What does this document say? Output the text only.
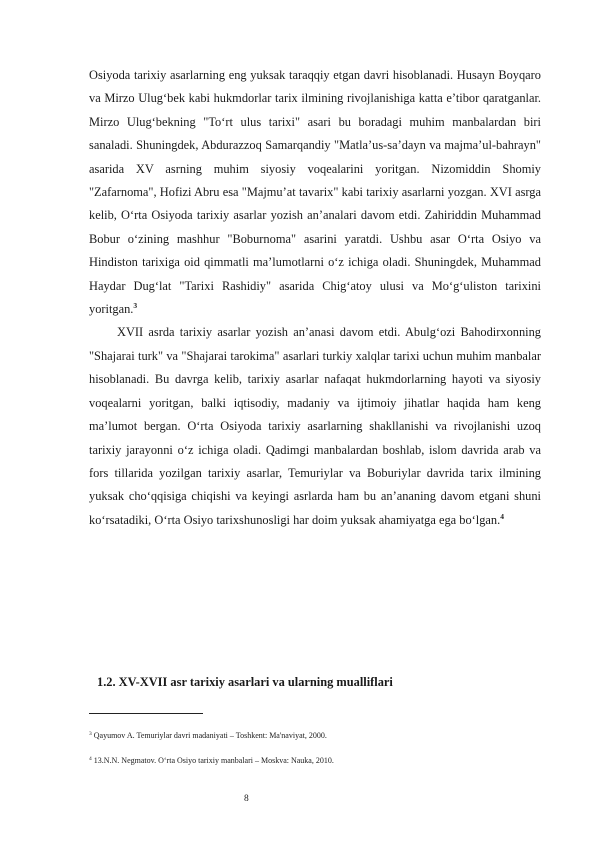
Osiyoda tarixiy asarlarning eng yuksak taraqqiy etgan davri hisoblanadi. Husayn Boyqaro va Mirzo Ulug‘bek kabi hukmdorlar tarix ilmining rivojlanishiga katta e’tibor qaratganlar. Mirzo Ulug‘bekning "To‘rt ulus tarixi" asari bu boradagi muhim manbalardan biri sanaladi. Shuningdek, Abdurazzoq Samarqandiy "Matla’us-sa’dayn va majma’ul-bahrayn" asarida XV asrning muhim siyosiy voqealarini yoritgan. Nizomiddin Shomiy "Zafarnoma", Hofizi Abru esa "Majmu’at tavarix" kabi tarixiy asarlarni yozgan. XVI asrga kelib, O‘rta Osiyoda tarixiy asarlar yozish an’analari davom etdi. Zahiriddin Muhammad Bobur o‘zining mashhur "Boburnoma" asarini yaratdi. Ushbu asar O‘rta Osiyo va Hindiston tarixiga oid qimmatli ma’lumotlarni o‘z ichiga oladi. Shuningdek, Muhammad Haydar Dug‘lat "Tarixi Rashidiy" asarida Chig‘atoy ulusi va Mo‘g‘uliston tarixini yoritgan.$^3$

XVII asrda tarixiy asarlar yozish an’anasi davom etdi. Abulg‘ozi Bahodirxonning "Shajarai turk" va "Shajarai tarokima" asarlari turkiy xalqlar tarixi uchun muhim manbalar hisoblanadi. Bu davrga kelib, tarixiy asarlar nafaqat hukmdorlarning hayoti va siyosiy voqealarni yoritgan, balki iqtisodiy, madaniy va ijtimoiy jihatlar haqida ham keng ma’lumot bergan. O‘rta Osiyoda tarixiy asarlarning shakllanishi va rivojlanishi uzoq tarixiy jarayonni o‘z ichiga oladi. Qadimgi manbalardan boshlab, islom davrida arab va fors tillarida yozilgan tarixiy asarlar, Temuriylar va Boburiylar davrida tarix ilmining yuksak cho‘qqisiga chiqishi va keyingi asrlarda ham bu an’ananing davom etgani shuni ko‘rsatadiki, O‘rta Osiyo tarixshunosligi har doim yuksak ahamiyatga ega bo‘lgan.$^4$

1.2. XV-XVII asr tarixiy asarlari va ularning mualliflari
$^3$ Qayumov A. Temuriylar davri madaniyati – Toshkent: Ma'naviyat, 2000.
$^4$ 13.N.N. Negmatov. O‘rta Osiyo tarixiy manbalari – Moskva: Nauka, 2010.
8
